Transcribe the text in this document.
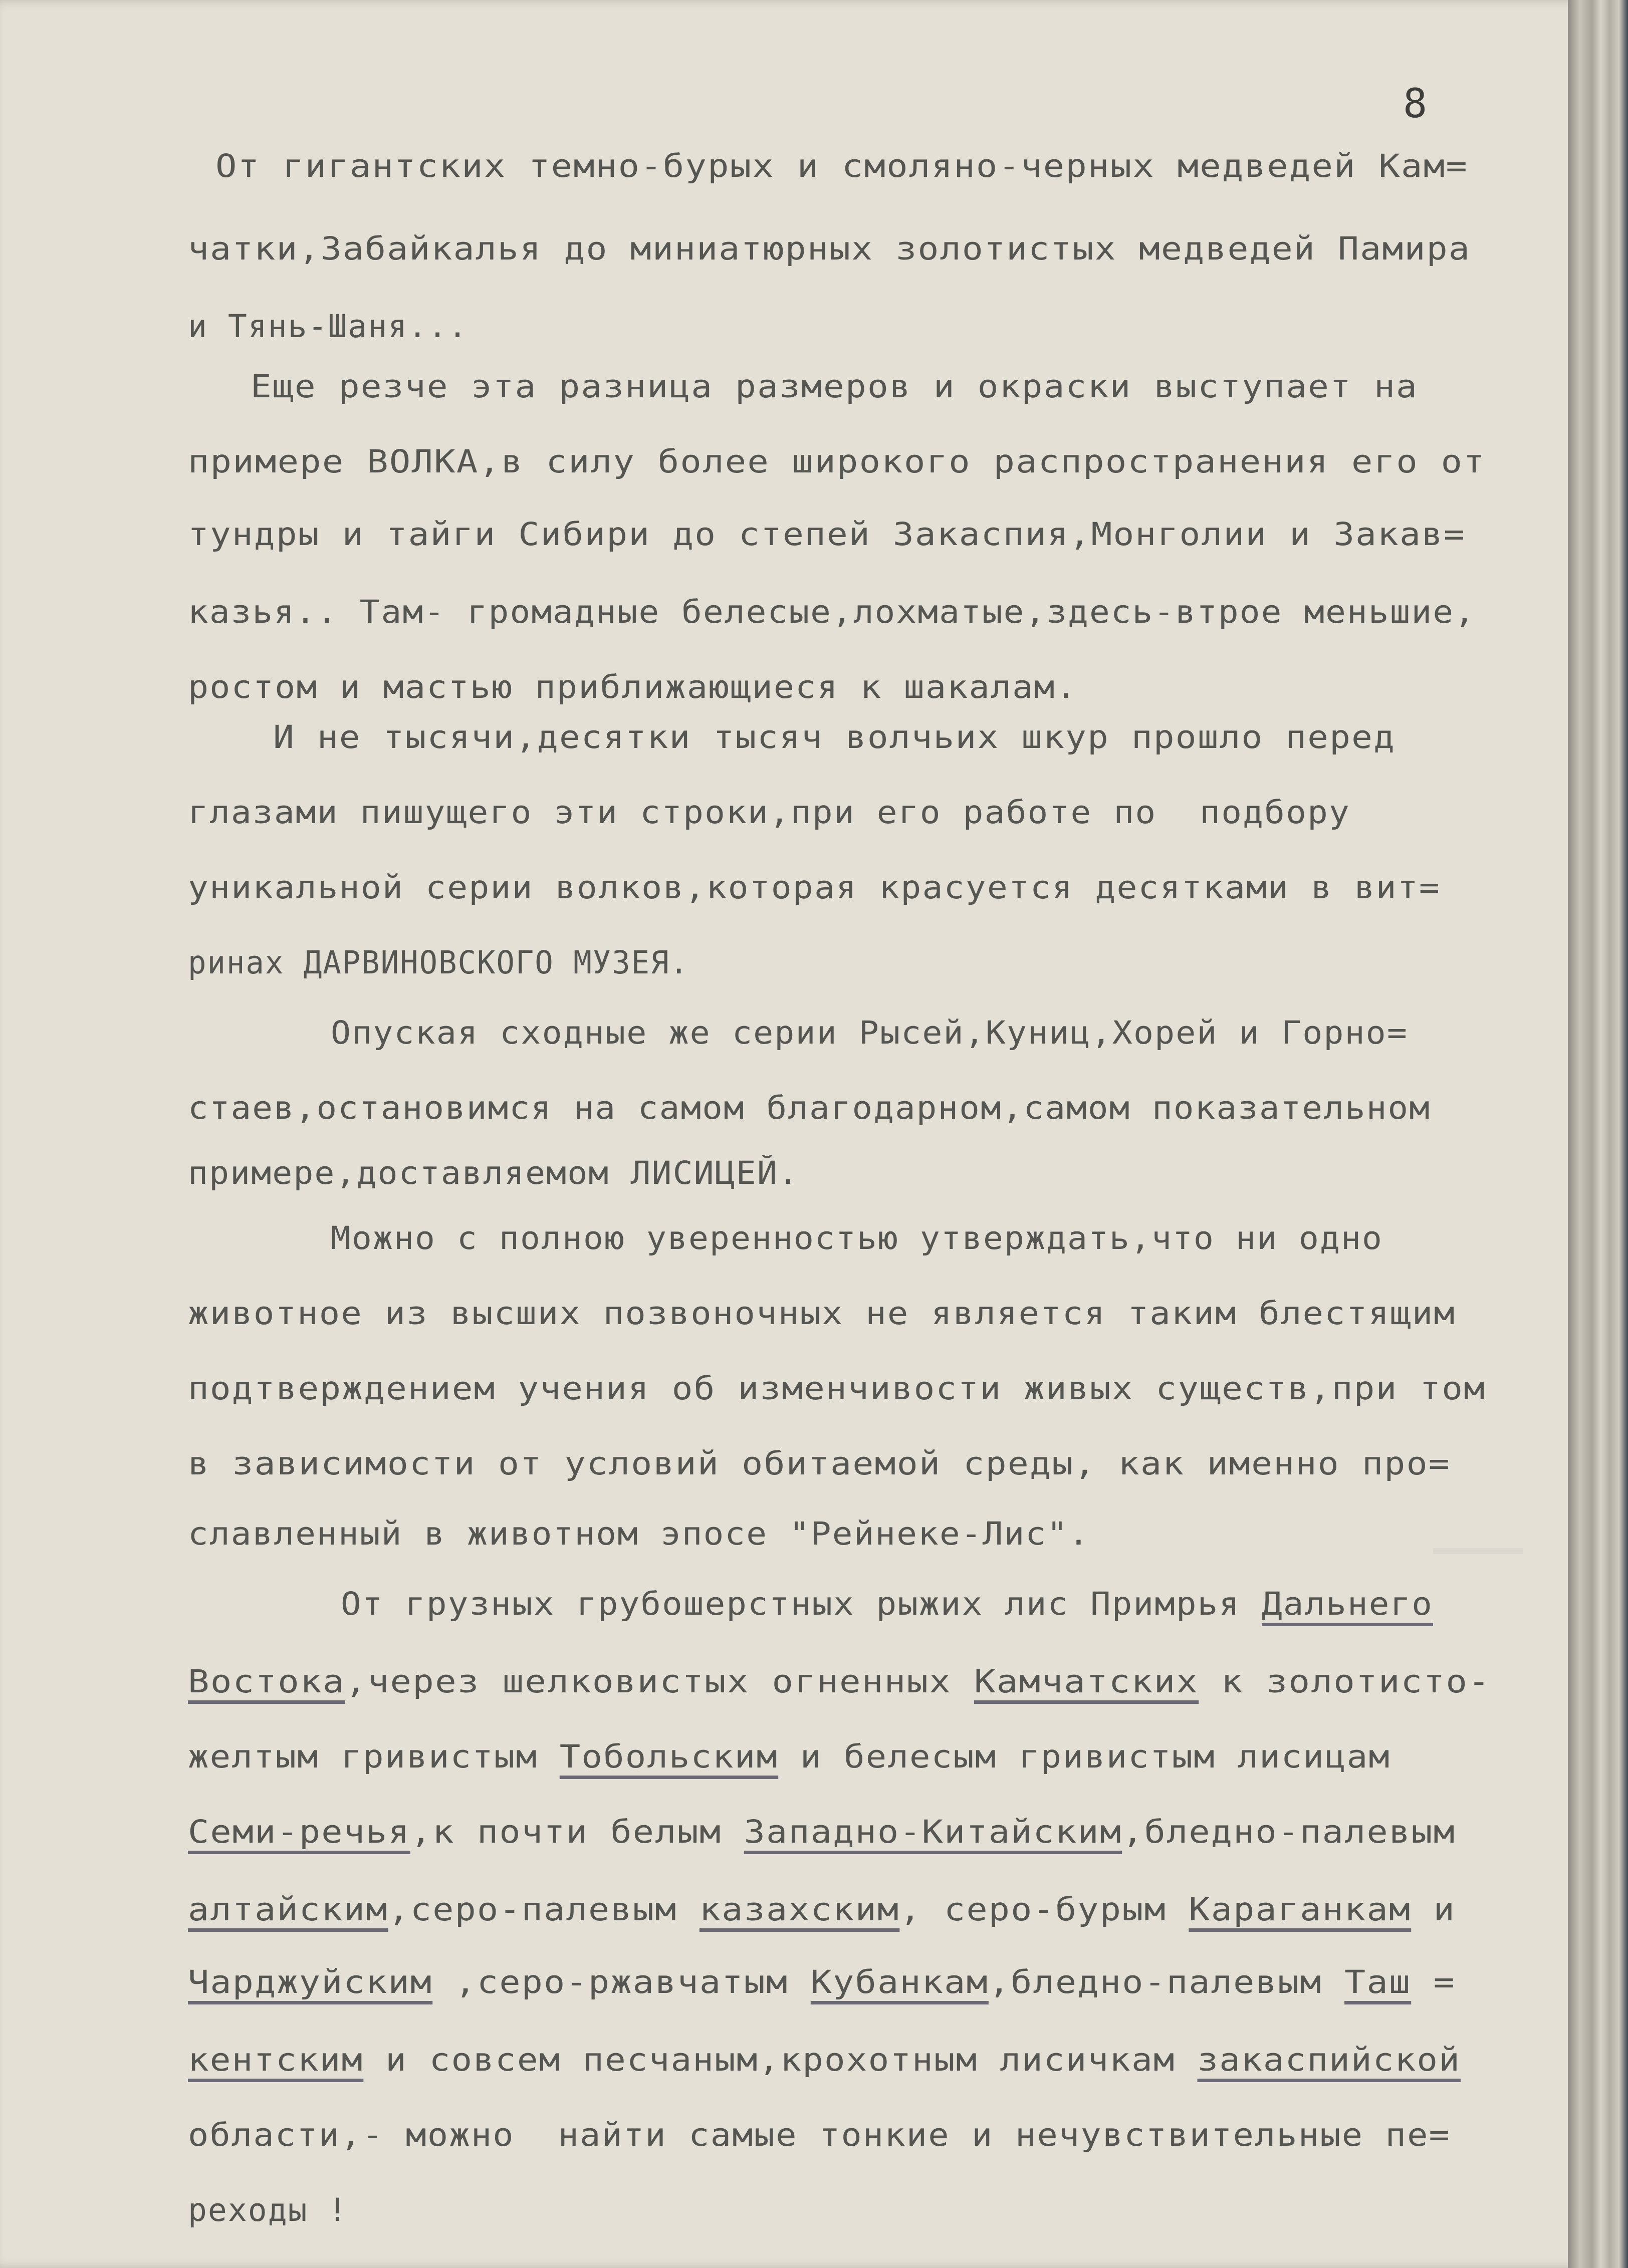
8
От гигантских темно-бурых и смоляно-черных медведей Кам=
чатки,Забайкалья до миниатюрных золотистых медведей Памира
и Тянь-Шаня...
Еще резче эта разница размеров и окраски выступает на
примере ВОЛКА,в силу более широкого распространения его от
тундры и тайги Сибири до степей Закаспия,Монголии и Закав=
казья.. Там- громадные белесые,лохматые,здесь-втрое меньшие,
ростом и мастью приближающиеся к шакалам.
И не тысячи,десятки тысяч волчьих шкур прошло перед
глазами пишущего эти строки,при его работе по  подбору
уникальной серии волков,которая красуется десятками в вит=
ринах ДАРВИНОВСКОГО МУЗЕЯ.
Опуская сходные же серии Рысей,Куниц,Хорей и Горно=
стаев,остановимся на самом благодарном,самом показательном
примере,доставляемом ЛИСИЦЕЙ.
Можно с полною уверенностью утверждать,что ни одно
животное из высших позвоночных не является таким блестящим
подтверждением учения об изменчивости живых существ,при том
в зависимости от условий обитаемой среды, как именно про=
славленный в животном эпосе "Рейнеке-Лис".
От грузных грубошерстных рыжих лис Примрья Дальнего
Востока,через шелковистых огненных Камчатских к золотисто-
желтым гривистым Тобольским и белесым гривистым лисицам
Семи-речья,к почти белым Западно-Китайским,бледно-палевым
алтайским,серо-палевым казахским, серо-бурым Караганкам и
Чарджуйским ,серо-ржавчатым Кубанкам,бледно-палевым Таш =
кентским и совсем песчаным,крохотным лисичкам закаспийской
области,- можно  найти самые тонкие и нечувствительные пе=
реходы !
